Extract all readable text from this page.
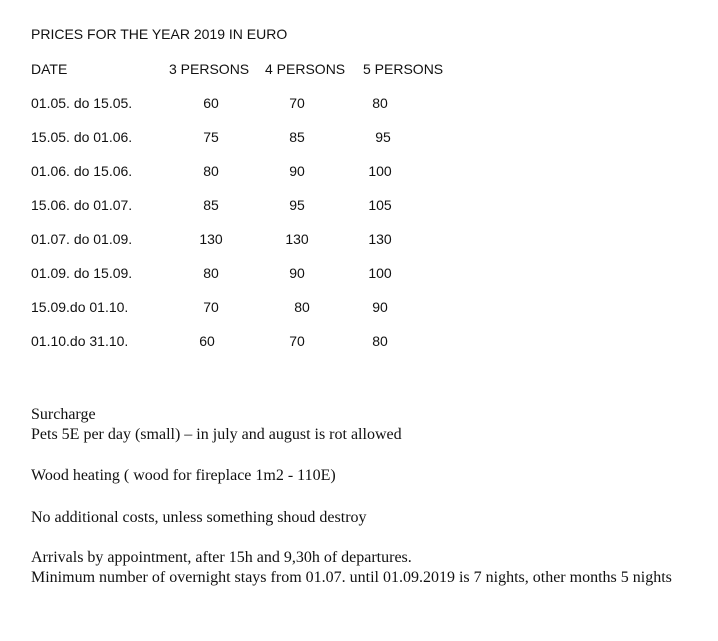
PRICES FOR THE YEAR 2019 IN EURO
DATE	3 PERSONS 4 PERSONS 5 PERSONS
01.05. do 15.05.	60	70	80
15.05. do 01.06.	75	85	95
01.06. do 15.06.	80	90	100
15.06. do 01.07.	85	95	105
01.07. do 01.09.	130	130	130
01.09. do 15.09.	80	90	100
15.09.do 01.10.	70	80	90
01.10.do 31.10.	60	70	80
Surcharge
Pets 5E per day (small) – in july and august is rot allowed
Wood heating ( wood for fireplace 1m2 - 110E)
No additional costs, unless something shoud destroy
Arrivals by appointment, after 15h and 9,30h of departures.
Minimum number of overnight stays from 01.07. until 01.09.2019 is 7 nights, other months 5 nights
